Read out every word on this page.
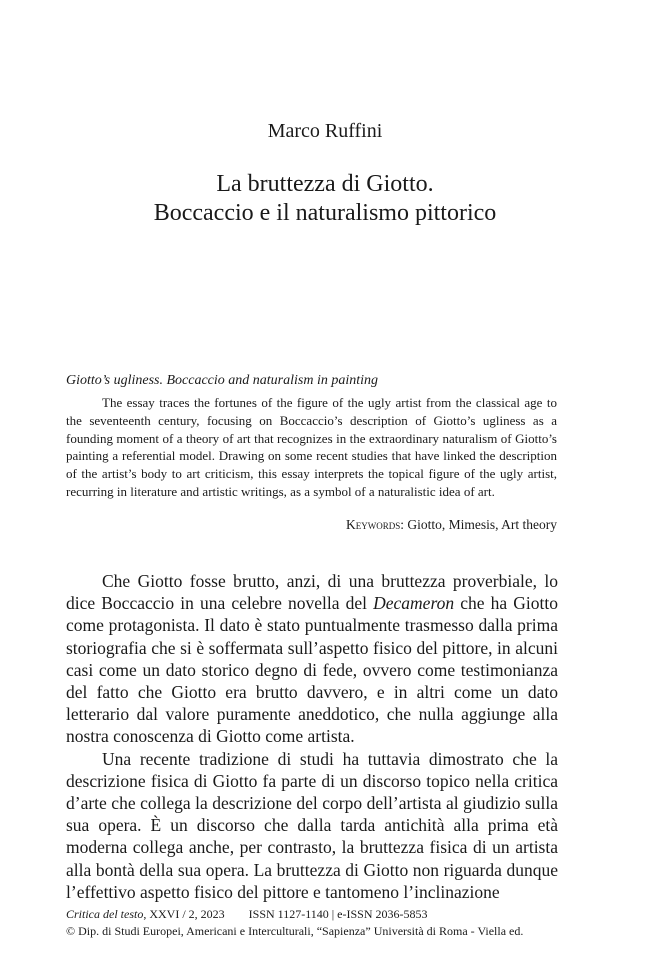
Marco Ruffini
La bruttezza di Giotto.
Boccaccio e il naturalismo pittorico
Giotto’s ugliness. Boccaccio and naturalism in painting

The essay traces the fortunes of the figure of the ugly artist from the classical age to the seventeenth century, focusing on Boccaccio’s description of Giotto’s ugliness as a founding moment of a theory of art that recognizes in the extraordinary naturalism of Giotto’s painting a referential model. Drawing on some recent studies that have linked the description of the artist’s body to art criticism, this essay interprets the topical figure of the ugly artist, recurring in literature and artistic writings, as a symbol of a naturalistic idea of art.

Keywords: Giotto, Mimesis, Art theory

Che Giotto fosse brutto, anzi, di una bruttezza proverbiale, lo dice Boccaccio in una celebre novella del Decameron che ha Giotto come protagonista. Il dato è stato puntualmente trasmesso dalla prima storiografia che si è soffermata sull’aspetto fisico del pittore, in alcuni casi come un dato storico degno di fede, ovvero come testimonianza del fatto che Giotto era brutto davvero, e in altri come un dato letterario dal valore puramente aneddotico, che nulla aggiunge alla nostra conoscenza di Giotto come artista.

Una recente tradizione di studi ha tuttavia dimostrato che la descrizione fisica di Giotto fa parte di un discorso topico nella critica d’arte che collega la descrizione del corpo dell’artista al giudizio sulla sua opera. È un discorso che dalla tarda antichità alla prima età moderna collega anche, per contrasto, la bruttezza fisica di un artista alla bontà della sua opera. La bruttezza di Giotto non riguarda dunque l’effettivo aspetto fisico del pittore e tantomeno l’inclinazione

Critica del testo, XXVI / 2, 2023 ISSN 1127-1140 | e-ISSN 2036-5853
© Dip. di Studi Europei, Americani e Interculturali, “Sapienza” Università di Roma - Viella ed.
